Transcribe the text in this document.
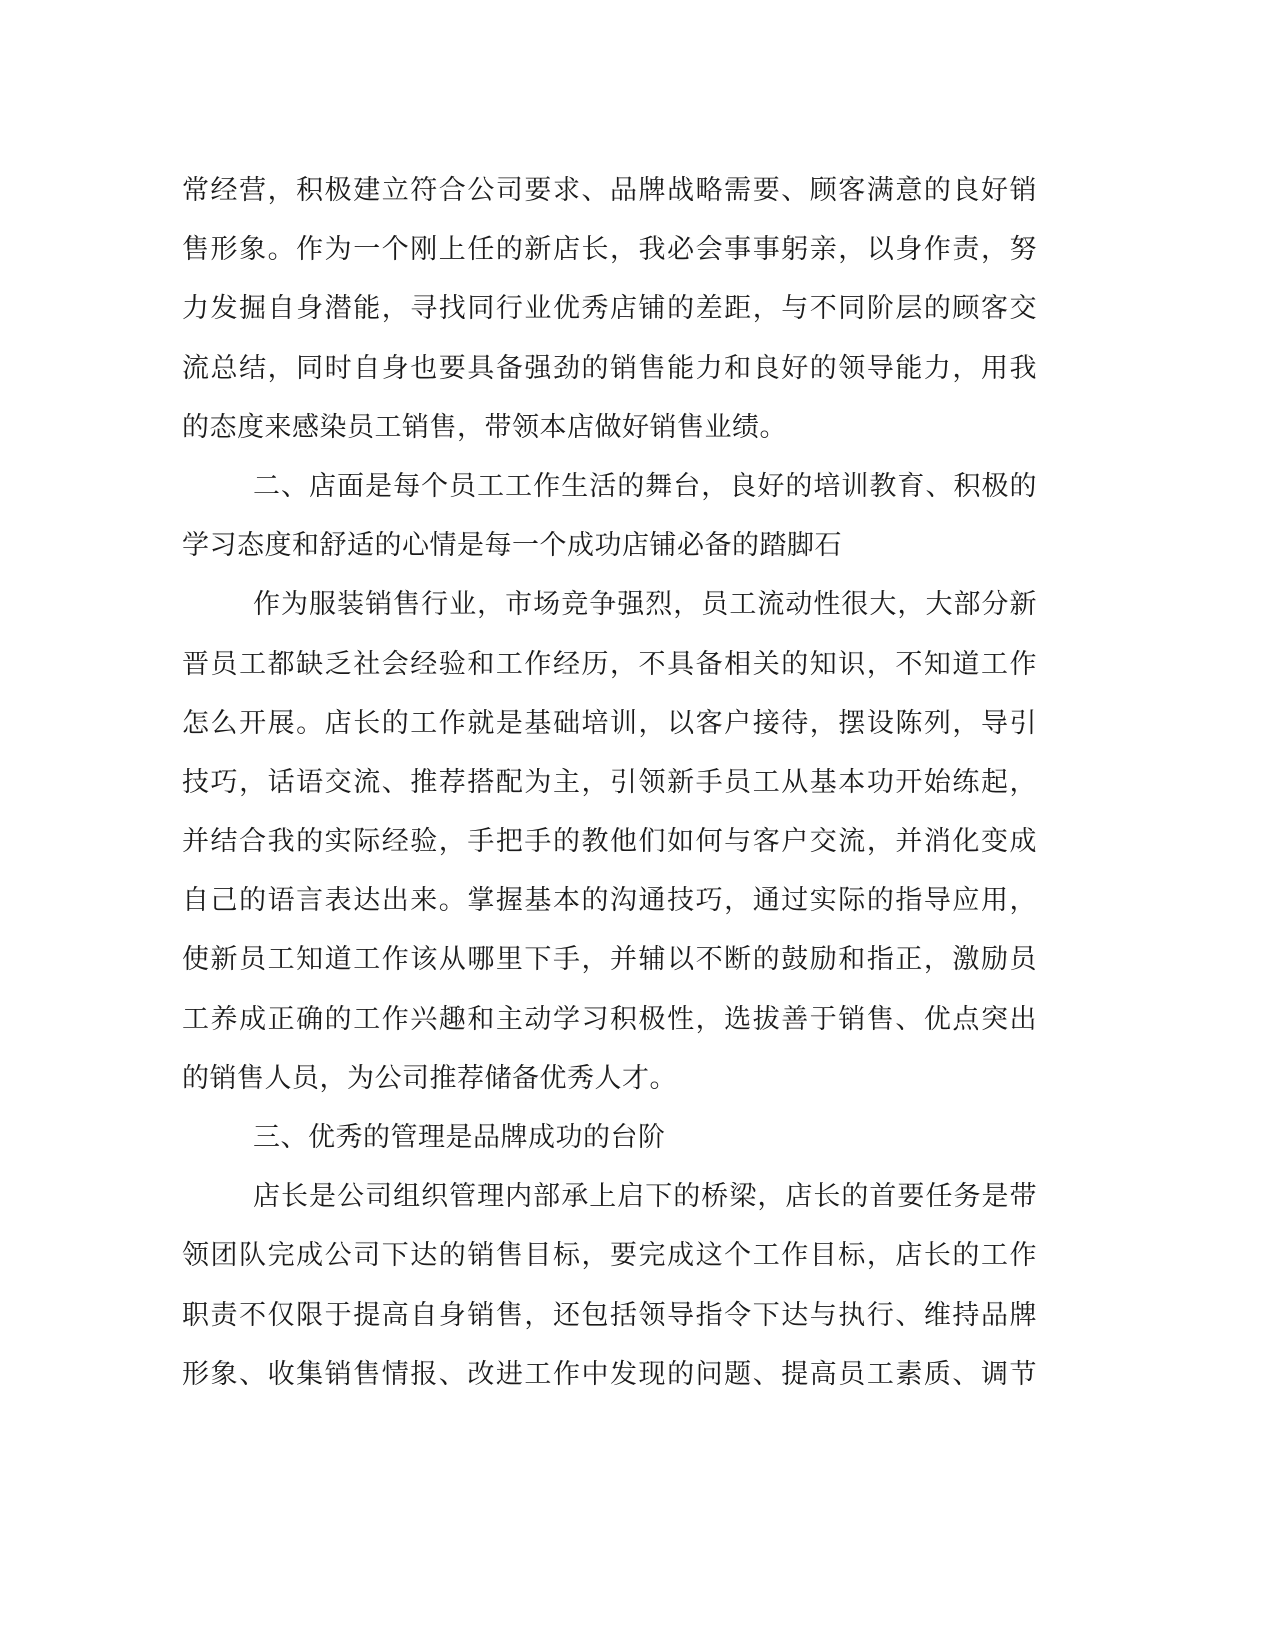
常经营，积极建立符合公司要求、品牌战略需要、顾客满意的良好销
售形象。作为一个刚上任的新店长，我必会事事躬亲，以身作责，努
力发掘自身潜能，寻找同行业优秀店铺的差距，与不同阶层的顾客交
流总结，同时自身也要具备强劲的销售能力和良好的领导能力，用我
的态度来感染员工销售，带领本店做好销售业绩。
二、店面是每个员工工作生活的舞台，良好的培训教育、积极的
学习态度和舒适的心情是每一个成功店铺必备的踏脚石
作为服装销售行业，市场竞争强烈，员工流动性很大，大部分新
晋员工都缺乏社会经验和工作经历，不具备相关的知识，不知道工作
怎么开展。店长的工作就是基础培训，以客户接待，摆设陈列，导引
技巧，话语交流、推荐搭配为主，引领新手员工从基本功开始练起，
并结合我的实际经验，手把手的教他们如何与客户交流，并消化变成
自己的语言表达出来。掌握基本的沟通技巧，通过实际的指导应用，
使新员工知道工作该从哪里下手，并辅以不断的鼓励和指正，激励员
工养成正确的工作兴趣和主动学习积极性，选拔善于销售、优点突出
的销售人员，为公司推荐储备优秀人才。
三、优秀的管理是品牌成功的台阶
店长是公司组织管理内部承上启下的桥梁，店长的首要任务是带
领团队完成公司下达的销售目标，要完成这个工作目标，店长的工作
职责不仅限于提高自身销售，还包括领导指令下达与执行、维持品牌
形象、收集销售情报、改进工作中发现的问题、提高员工素质、调节
